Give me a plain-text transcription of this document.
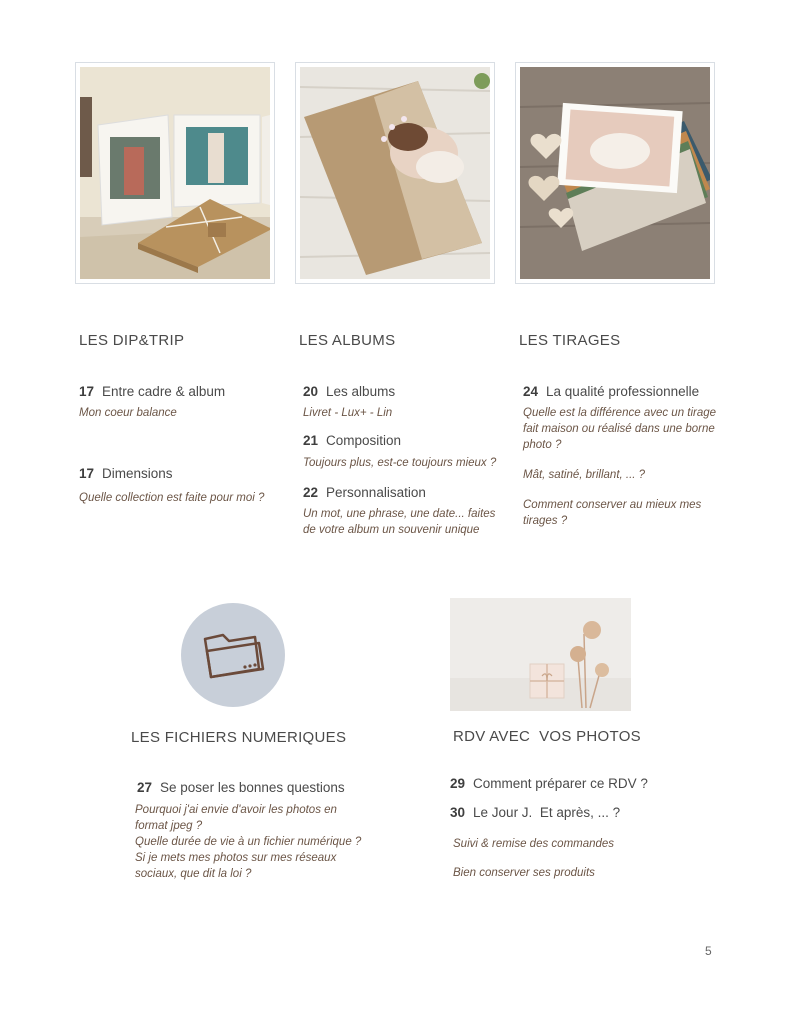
LES DIP&TRIP
17 Entre cadre & album
Mon coeur balance
17 Dimensions
Quelle collection est faite pour moi ?
LES ALBUMS
20 Les albums
Livret - Lux+ - Lin
21 Composition
Toujours plus, est-ce toujours mieux ?
22 Personnalisation
Un mot, une phrase, une date... faites
de votre album un souvenir unique
LES TIRAGES
24 La qualité professionnelle
Quelle est la différence avec un tirage
fait maison ou réalisé dans une borne
photo ?
Mât, satiné, brillant, ... ?
Comment conserver au mieux mes
tirages ?
LES FICHIERS NUMERIQUES
27 Se poser les bonnes questions
Pourquoi j'ai envie d'avoir les photos en
format jpeg ?
Quelle durée de vie à un fichier numérique ?
Si je mets mes photos sur mes réseaux
sociaux, que dit la loi ?
RDV AVEC  VOS PHOTOS
29 Comment préparer ce RDV ?
30 Le Jour J.  Et après, ... ?
Suivi & remise des commandes
Bien conserver ses produits
5
